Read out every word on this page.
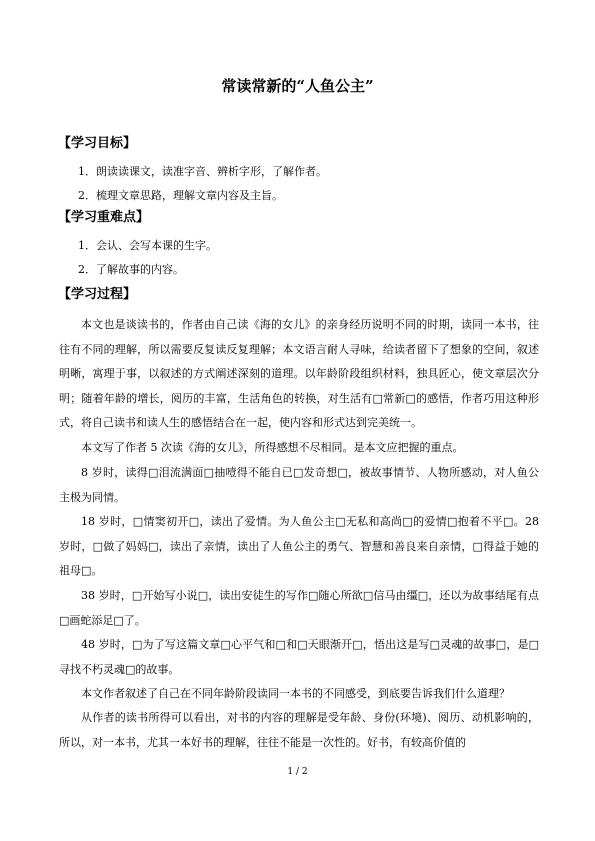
常读常新的“人鱼公主”
【学习目标】
1．朗读读课文，读准字音、辨析字形，了解作者。
2．梳理文章思路，理解文章内容及主旨。
【学习重难点】
1．会认、会写本课的生字。
2．了解故事的内容。
【学习过程】

本文也是谈读书的，作者由自己读《海的女儿》的亲身经历说明不同的时期，读同一本书，往往有不同的理解，所以需要反复读反复理解；本文语言耐人寻味，给读者留下了想象的空间，叙述明晰，寓理于事，以叙述的方式阐述深刻的道理。以年龄阶段组织材料，独具匠心，使文章层次分明；随着年龄的增长，阅历的丰富，生活角色的转换，对生活有□常新□的感悟，作者巧用这种形式，将自己读书和读人生的感悟结合在一起，使内容和形式达到完美统一。

本文写了作者 5 次读《海的女儿》，所得感想不尽相同。是本文应把握的重点。

8 岁时，读得□泪流满面□抽噎得不能自已□发奇想□，被故事情节、人物所感动，对人鱼公主极为同情。

18 岁时，□情窦初开□，读出了爱情。为人鱼公主□无私和高尚□的爱情□抱着不平□。28 岁时，□做了妈妈□，读出了亲情，读出了人鱼公主的勇气、智慧和善良来自亲情，□得益于她的祖母□。

38 岁时，□开始写小说□，读出安徒生的写作□随心所欲□信马由缰□，还以为故事结尾有点□画蛇添足□了。

48 岁时，□为了写这篇文章□心平气和□和□天眼渐开□，悟出这是写□灵魂的故事□，是□寻找不朽灵魂□的故事。

本文作者叙述了自己在不同年龄阶段读同一本书的不同感受，到底要告诉我们什么道理？

从作者的读书所得可以看出，对书的内容的理解是受年龄、身份(环境)、阅历、动机影响的，所以，对一本书，尤其一本好书的理解，往往不能是一次性的。好书，有较高价值的

1 / 2
